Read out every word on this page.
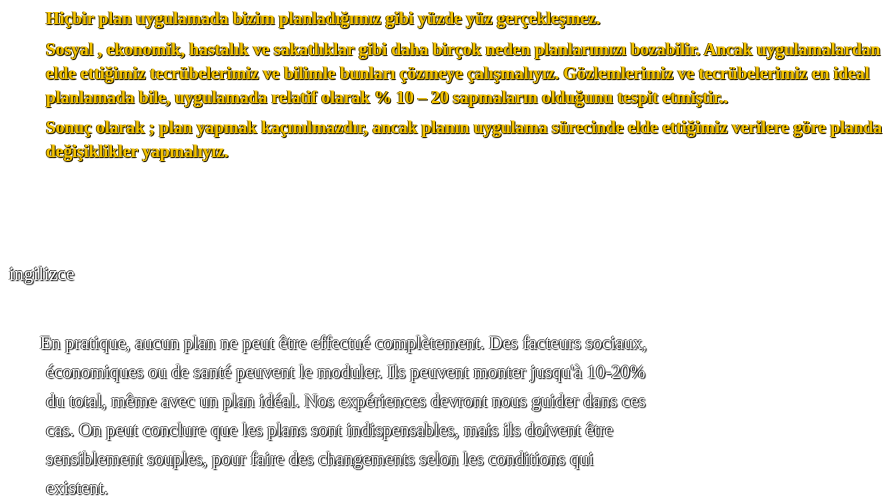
Hiçbir plan uygulamada bizim planladığımız gibi yüzde yüz gerçekleşmez.

Sosyal , ekonomik, hastalık ve sakatlıklar gibi daha birçok neden planlarımızı bozabilir. Ancak uygulamalardan elde ettiğimiz tecrübelerimiz ve bilimle bunları çözmeye çalışmalıyız. Gözlemlerimiz ve tecrübelerimiz en ideal planlamada bile, uygulamada relatif olarak % 10 – 20 sapmaların olduğunu tespit etmiştir..

Sonuç olarak ; plan yapmak kaçınılmazdır, ancak planın uygulama sürecinde elde ettiğimiz verilere göre planda değişiklikler yapmalıyız.

ingilizce
En pratique, aucun plan ne peut être effectué complètement. Des facteurs sociaux,
économiques ou de santé peuvent le moduler. Ils peuvent monter jusqu'à 10-20%
du total, même avec un plan idéal. Nos expériences devront nous guider dans ces
cas. On peut conclure que les plans sont indispensables, mais ils doivent être
sensiblement souples, pour faire des changements selon les conditions qui
existent.
